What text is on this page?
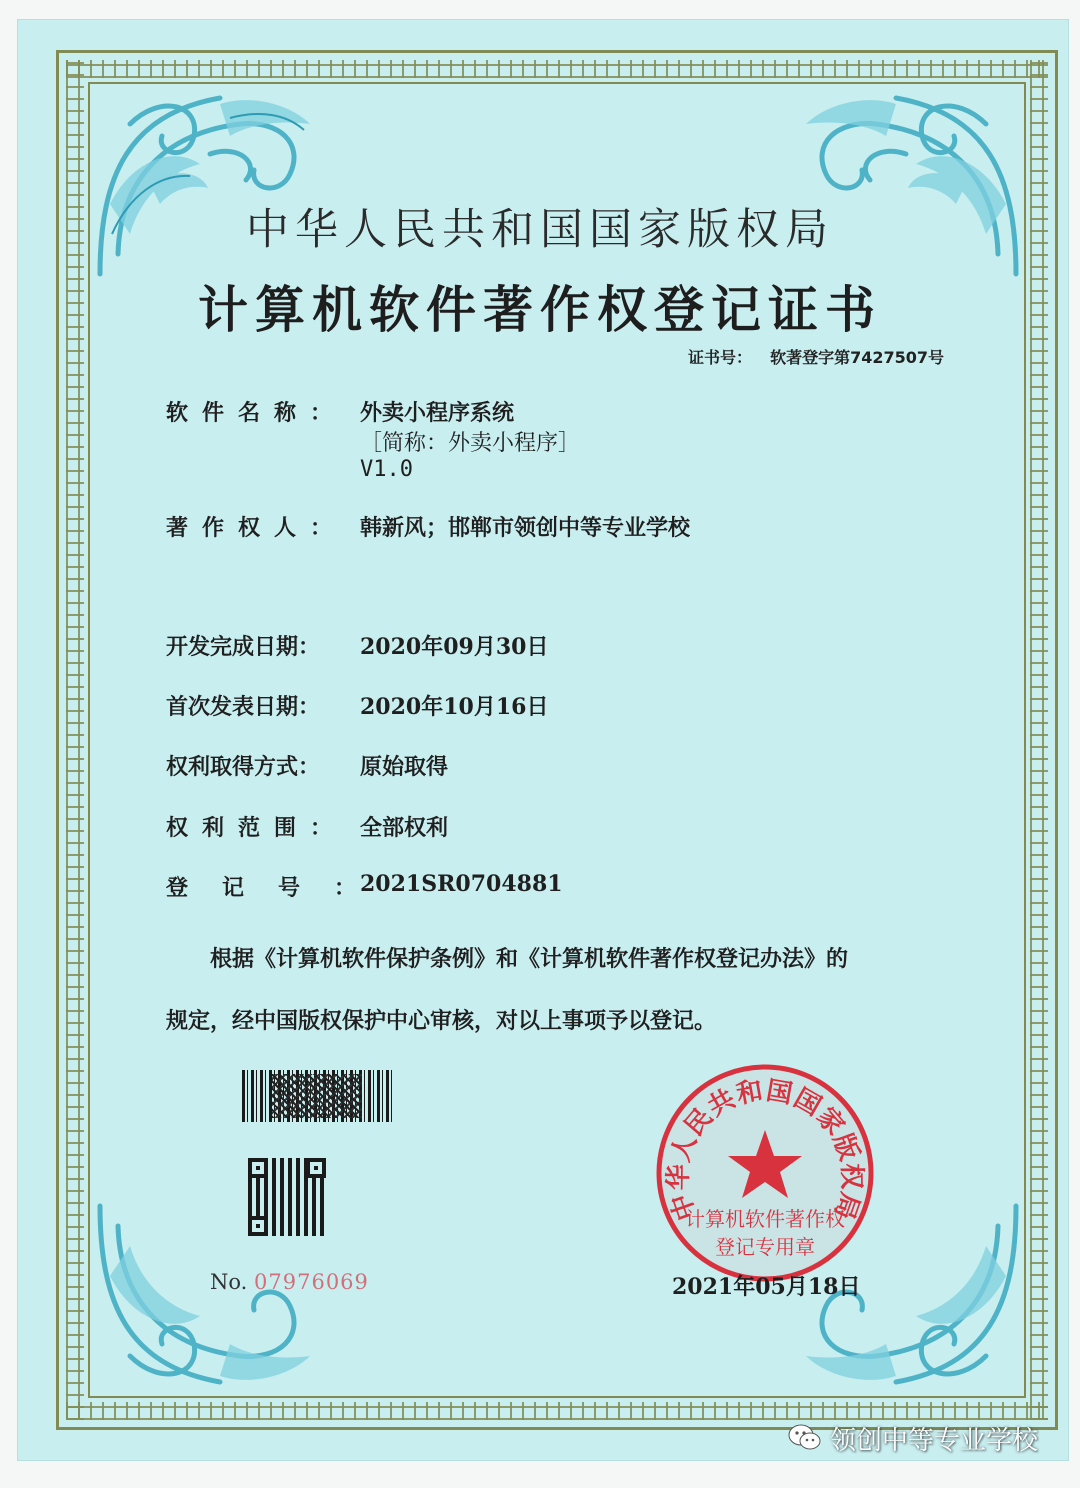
中华人民共和国国家版权局
计算机软件著作权登记证书
证书号： 软著登字第7427507号
软件名称： 外卖小程序系统
［简称：外卖小程序］
V1.0
著作权人： 韩新风；邯郸市领创中等专业学校
开发完成日期：	2020年09月30日
首次发表日期：	2020年10月16日
权利取得方式：	原始取得
权利范围： 全部权利
登记号：
2021SR0704881
根据《计算机软件保护条例》和《计算机软件著作权登记办法》的
规定，经中国版权保护中心审核，对以上事项予以登记。
No. 07976069
中华人民共和国国家版权局
计算机软件著作权
登记专用章
2021年05月18日
领创中等专业学校
